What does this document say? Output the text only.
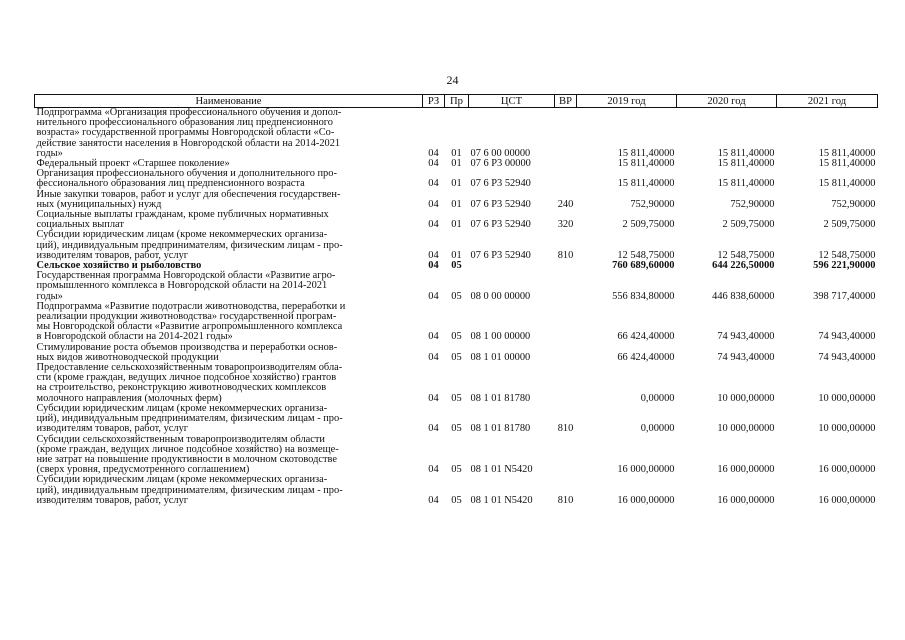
24
Наименование	РЗ	Пр	ЦСТ	ВР	2019 год	2020 год	2021 год

Подпрограмма «Организация профессионального обучения и допол-
нительного профессионального образования лиц предпенсионного
возраста» государственной программы Новгородской области «Со-
действие занятости населения в Новгородской области на 2014-2021
годы»	04	01	07 6 00 00000		15 811,40000	15 811,40000	15 811,40000

Федеральный проект «Старшее поколение»	04	01	07 6 Р3 00000		15 811,40000	15 811,40000	15 811,40000

Организация профессионального обучения и дополнительного про-
фессионального образования лиц предпенсионного возраста	04	01	07 6 Р3 52940		15 811,40000	15 811,40000	15 811,40000

Иные закупки товаров, работ и услуг для обеспечения государствен-
ных (муниципальных) нужд	04	01	07 6 Р3 52940	240	752,90000	752,90000	752,90000

Социальные выплаты гражданам, кроме публичных нормативных
социальных выплат	04	01	07 6 Р3 52940	320	2 509,75000	2 509,75000	2 509,75000

Субсидии юридическим лицам (кроме некоммерческих организа-
ций), индивидуальным предпринимателям, физическим лицам - про-
изводителям товаров, работ, услуг	04	01	07 6 Р3 52940	810	12 548,75000	12 548,75000	12 548,75000

Сельское хозяйство и рыболовство	04	05			760 689,60000	644 226,50000	596 221,90000

Государственная программа Новгородской области «Развитие агро-
промышленного комплекса в Новгородской области на 2014-2021
годы»	04	05	08 0 00 00000		556 834,80000	446 838,60000	398 717,40000

Подпрограмма «Развитие подотрасли животноводства, переработки и
реализации продукции животноводства» государственной програм-
мы Новгородской области «Развитие агропромышленного комплекса
в Новгородской области на 2014-2021 годы»	04	05	08 1 00 00000		66 424,40000	74 943,40000	74 943,40000

Стимулирование роста объемов производства и переработки основ-
ных видов животноводческой продукции	04	05	08 1 01 00000		66 424,40000	74 943,40000	74 943,40000

Предоставление сельскохозяйственным товаропроизводителям обла-
сти (кроме граждан, ведущих личное подсобное хозяйство) грантов
на строительство, реконструкцию животноводческих комплексов
молочного направления (молочных ферм)	04	05	08 1 01 81780		0,00000	10 000,00000	10 000,00000

Субсидии юридическим лицам (кроме некоммерческих организа-
ций), индивидуальным предпринимателям, физическим лицам - про-
изводителям товаров, работ, услуг	04	05	08 1 01 81780	810	0,00000	10 000,00000	10 000,00000

Субсидии сельскохозяйственным товаропроизводителям области
(кроме граждан, ведущих личное подсобное хозяйство) на возмеще-
ние затрат на повышение продуктивности в молочном скотоводстве
(сверх уровня, предусмотренного соглашением)	04	05	08 1 01 N5420		16 000,00000	16 000,00000	16 000,00000

Субсидии юридическим лицам (кроме некоммерческих организа-
ций), индивидуальным предпринимателям, физическим лицам - про-
изводителям товаров, работ, услуг	04	05	08 1 01 N5420	810	16 000,00000	16 000,00000	16 000,00000
